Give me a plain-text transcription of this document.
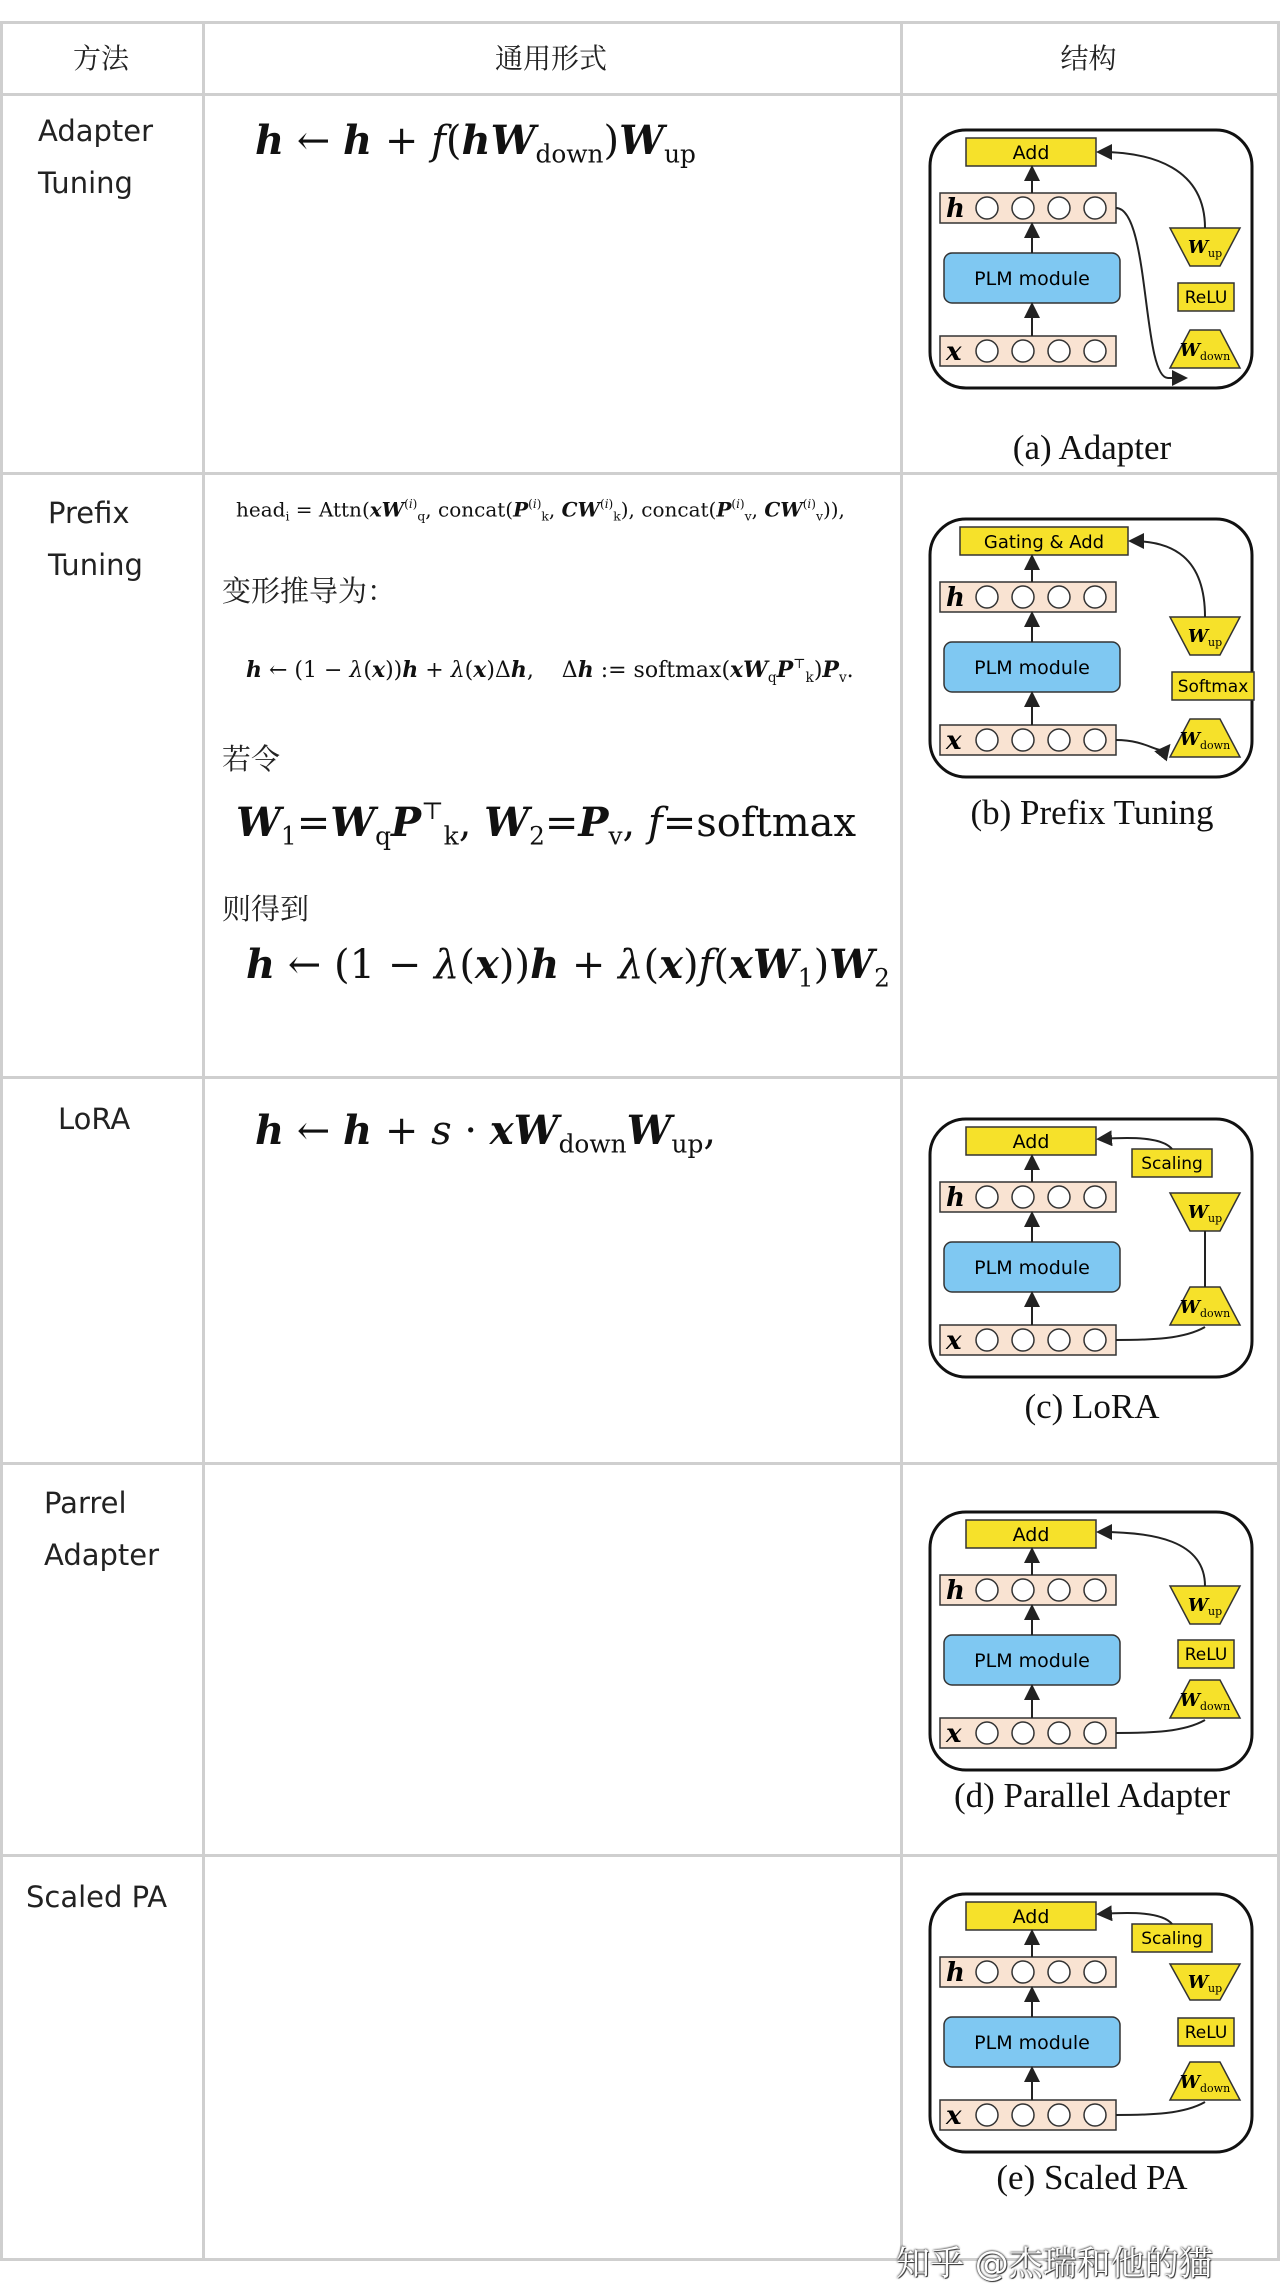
方法	通用形式	结构
Adapter Tuning
Prefix Tuning
LoRA
Parrel Adapter
Scaled PA
h ← $h + f(hW_{down})W_{up}$
head$_i$ = $Attn(xW^{(i)}_q$, $concat(P^{(i)}_k$, $CW^{(i)}_k$), $concat(P^{(i)}_v$, $CW^{(i)}_v$)),
变形推导为：
h ← (1 − λ(x))h + λ(x)Δh,    Δh := $softmax(xW_qP^⊤_k)P_v$.
若令
$W_1=W_qP^⊤_k$, $W_2=P_v$, f=softmax
则得到
h ← $(1 - \lambda(x))h + \lambda(x)f(xW_1)W_2$
h ← $h + s \cdot xW_{down}W_{up}$,
Add
h
PLM module
x
$W_{up}$
ReLU
$W_{down}$
(a) Adapter
Gating & Add
h
PLM module
x
$W_{up}$
Softmax
$W_{down}$
(b) Prefix Tuning
Add
h
PLM module
x
Scaling
$W_{up}$
$W_{down}$
(c) LoRA
Add
h
PLM module
x
$W_{up}$
ReLU
$W_{down}$
(d) Parallel Adapter
Add
h
PLM module
x
Scaling
$W_{up}$
ReLU
$W_{down}$
(e) Scaled PA
知乎 @杰瑞和他的猫
